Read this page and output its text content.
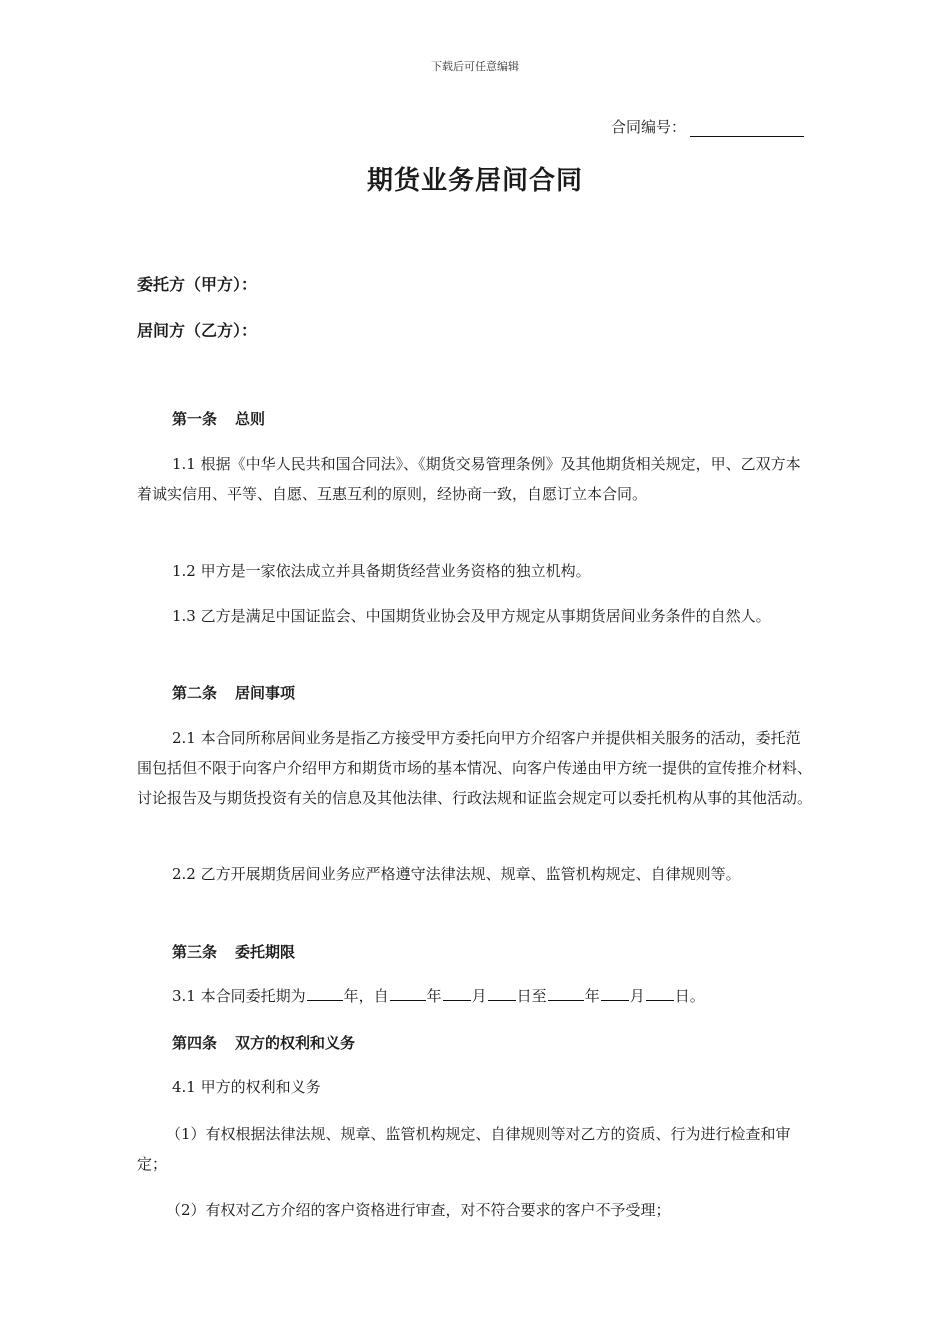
下载后可任意编辑
合同编号：
期货业务居间合同
委托方（甲方）：
居间方（乙方）：
第一条 总则

1.1 根据《中华人民共和国合同法》、《期货交易管理条例》及其他期货相关规定，甲、乙双方本着诚实信用、平等、自愿、互惠互利的原则，经协商一致，自愿订立本合同。

1.2 甲方是一家依法成立并具备期货经营业务资格的独立机构。

1.3 乙方是满足中国证监会、中国期货业协会及甲方规定从事期货居间业务条件的自然人。

第二条 居间事项

2.1 本合同所称居间业务是指乙方接受甲方委托向甲方介绍客户并提供相关服务的活动，委托范围包括但不限于向客户介绍甲方和期货市场的基本情况、向客户传递由甲方统一提供的宣传推介材料、讨论报告及与期货投资有关的信息及其他法律、行政法规和证监会规定可以委托机构从事的其他活动。

2.2 乙方开展期货居间业务应严格遵守法律法规、规章、监管机构规定、自律规则等。

第三条 委托期限

3.1 本合同委托期为	年，自	年 月 日至	年 月 日。

第四条 双方的权利和义务

4.1 甲方的权利和义务

（1）有权根据法律法规、规章、监管机构规定、自律规则等对乙方的资质、行为进行检查和审定；

（2）有权对乙方介绍的客户资格进行审查，对不符合要求的客户不予受理；
